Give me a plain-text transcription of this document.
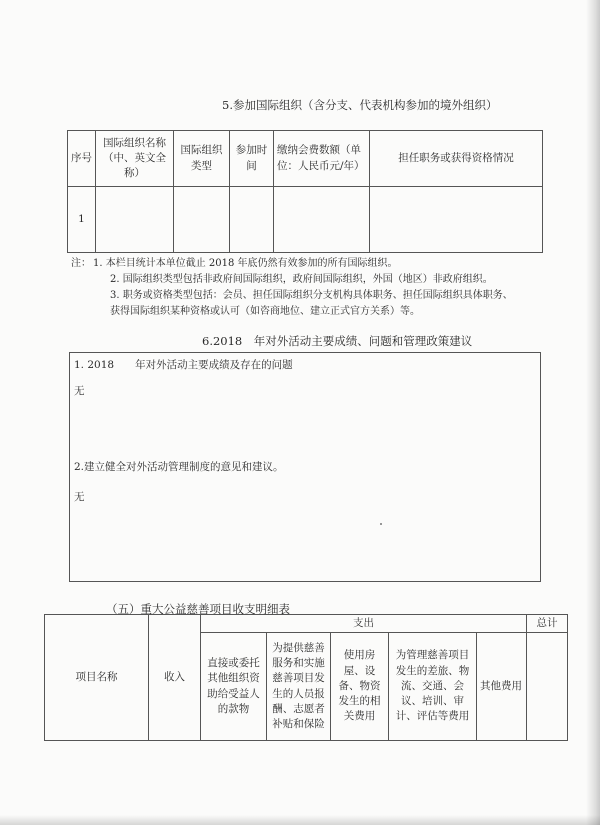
5.参加国际组织（含分支、代表机构参加的境外组织）
序号	国际组织名称（中、英文全称）	国际组织类型	参加时间	缴纳会费数额（单位：人民币元/年）	担任职务或获得资格情况
1					
注： 1. 本栏目统计本单位截止 2018 年底仍然有效参加的所有国际组织。
2. 国际组织类型包括非政府间国际组织，政府间国际组织，外国（地区）非政府组织。
3. 职务或资格类型包括：会员、担任国际组织分支机构具体职务、担任国际组织具体职务、
获得国际组织某种资格或认可（如咨商地位、建立正式官方关系）等。
6.2018　年对外活动主要成绩、问题和管理政策建议
1. 2018　　年对外活动主要成绩及存在的问题
无
2.建立健全对外活动管理制度的意见和建议。
无
（五）重大公益慈善项目收支明细表
项目名称	收入	支出					总计
		直接或委托其他组织资助给受益人的款物	为提供慈善服务和实施慈善项目发生的人员报酬、志愿者补贴和保险	使用房屋、设备、物资发生的相关费用	为管理慈善项目发生的差旅、物流、交通、会议、培训、审计、评估等费用	其他费用	
